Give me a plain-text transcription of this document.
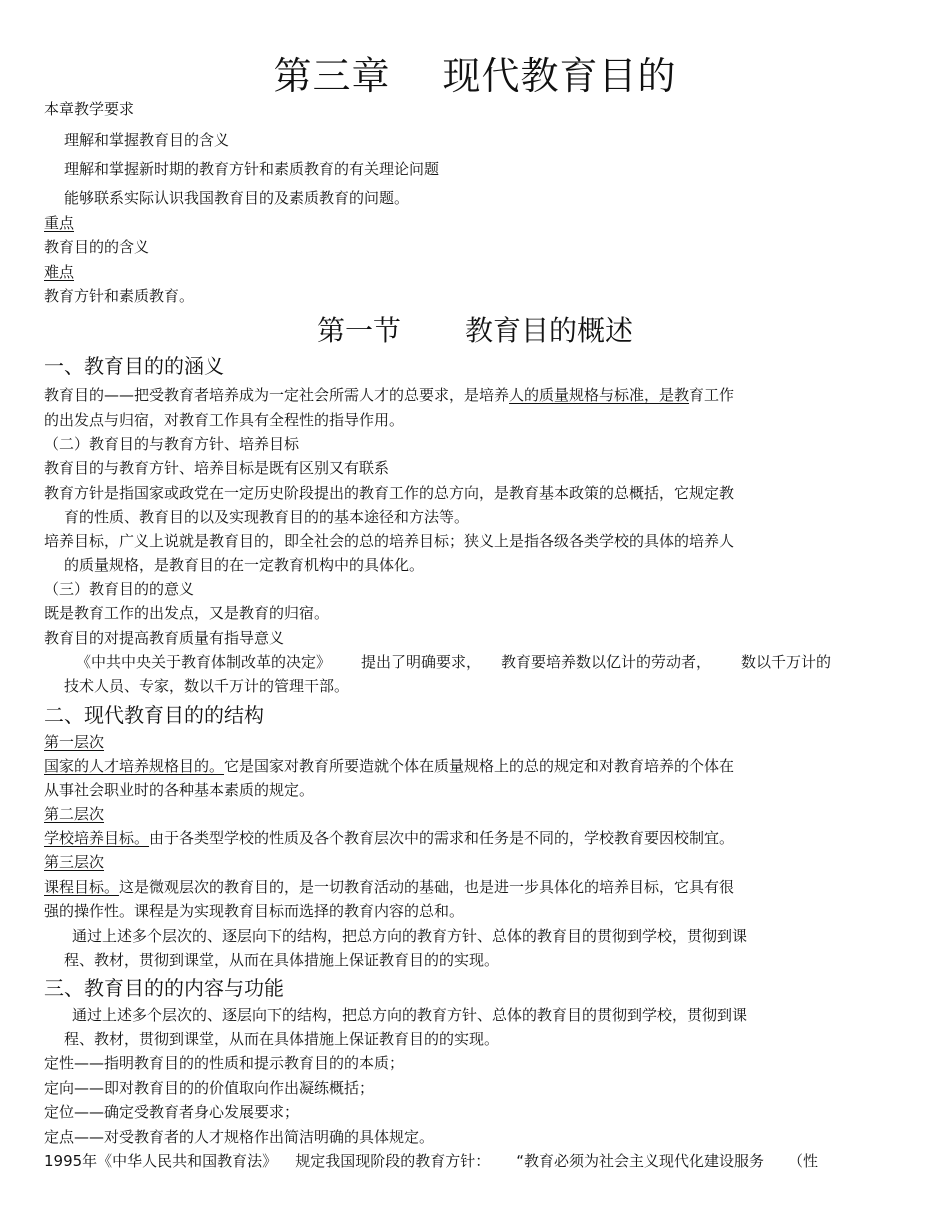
第三章 现代教育目的
本章教学要求
理解和掌握教育目的含义
理解和掌握新时期的教育方针和素质教育的有关理论问题
能够联系实际认识我国教育目的及素质教育的问题。
重点
教育目的的含义
难点
教育方针和素质教育。
第一节 教育目的概述
一、教育目的的涵义
教育目的——把受教育者培养成为一定社会所需人才的总要求，是培养人的质量规格与标准，是教育工作
的出发点与归宿，对教育工作具有全程性的指导作用。
（二）教育目的与教育方针、培养目标
教育目的与教育方针、培养目标是既有区别又有联系
教育方针是指国家或政党在一定历史阶段提出的教育工作的总方向，是教育基本政策的总概括，它规定教
育的性质、教育目的以及实现教育目的的基本途径和方法等。
培养目标，广义上说就是教育目的，即全社会的总的培养目标；狭义上是指各级各类学校的具体的培养人
的质量规格，是教育目的在一定教育机构中的具体化。
（三）教育目的的意义
既是教育工作的出发点，又是教育的归宿。
教育目的对提高教育质量有指导意义
《中共中央关于教育体制改革的决定》 提出了明确要求， 教育要培养数以亿计的劳动者， 数以千万计的
技术人员、专家，数以千万计的管理干部。
二、现代教育目的的结构
第一层次
国家的人才培养规格目的。它是国家对教育所要造就个体在质量规格上的总的规定和对教育培养的个体在
从事社会职业时的各种基本素质的规定。
第二层次
学校培养目标。由于各类型学校的性质及各个教育层次中的需求和任务是不同的，学校教育要因校制宜。
第三层次
课程目标。这是微观层次的教育目的，是一切教育活动的基础，也是进一步具体化的培养目标，它具有很
强的操作性。课程是为实现教育目标而选择的教育内容的总和。
通过上述多个层次的、逐层向下的结构，把总方向的教育方针、总体的教育目的贯彻到学校，贯彻到课
程、教材，贯彻到课堂，从而在具体措施上保证教育目的的实现。
三、教育目的的内容与功能
通过上述多个层次的、逐层向下的结构，把总方向的教育方针、总体的教育目的贯彻到学校，贯彻到课
程、教材，贯彻到课堂，从而在具体措施上保证教育目的的实现。
定性——指明教育目的的性质和提示教育目的的本质；
定向——即对教育目的的价值取向作出凝练概括；
定位——确定受教育者身心发展要求；
定点——对受教育者的人才规格作出简洁明确的具体规定。
1995年《中华人民共和国教育法》 规定我国现阶段的教育方针： “教育必须为社会主义现代化建设服务 （性
